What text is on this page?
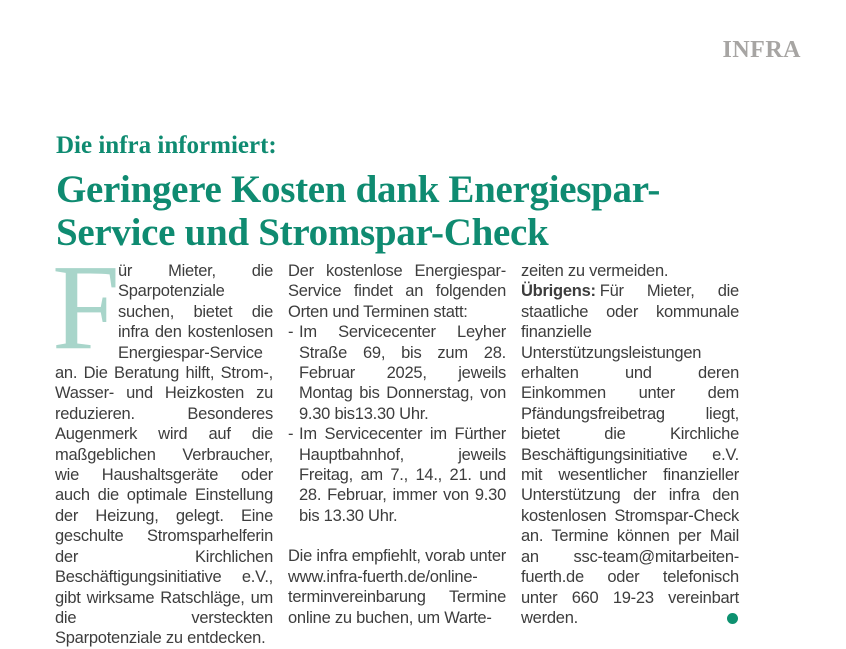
INFRA
Die infra informiert:
Geringere Kosten dank Energiespar-
Service und Stromspar-Check

F
ür Mieter, die Sparpotenziale suchen, bietet die infra den kostenlosen Energiespar-Service an. Die Beratung hilft, Strom-, Wasser- und Heizkosten zu reduzieren. Besonderes Augenmerk wird auf die maßgeblichen Verbraucher, wie Haushaltsgeräte oder auch die optimale Einstellung der Heizung, gelegt. Eine geschulte Stromsparhelferin der Kirchlichen Beschäftigungsinitiative e.V., gibt wirksame Ratschläge, um die versteckten Sparpotenziale zu entdecken.

Der kostenlose Energiespar-Service findet an folgenden Orten und Terminen statt:

- Im Servicecenter Leyher Straße 69, bis zum 28. Februar 2025, jeweils Montag bis Donnerstag, von 9.30 bis13.30 Uhr.
- Im Servicecenter im Fürther Hauptbahnhof, jeweils Freitag, am 7., 14., 21. und 28. Februar, immer von 9.30 bis 13.30 Uhr.

Die infra empfiehlt, vorab unter www.infra-fuerth.de/online-terminvereinbarung Termine online zu buchen, um Warte-

zeiten zu vermeiden.

Übrigens: Für Mieter, die staatliche oder kommunale finanzielle Unterstützungsleistungen erhalten und deren Einkommen unter dem Pfändungsfreibetrag liegt, bietet die Kirchliche Beschäftigungsinitiative e.V. mit wesentlicher finanzieller Unterstützung der infra den kostenlosen Stromspar-Check an. Termine können per Mail an ssc-team@mitarbeiten-fuerth.de oder telefonisch unter 660 19-23 vereinbart werden.
